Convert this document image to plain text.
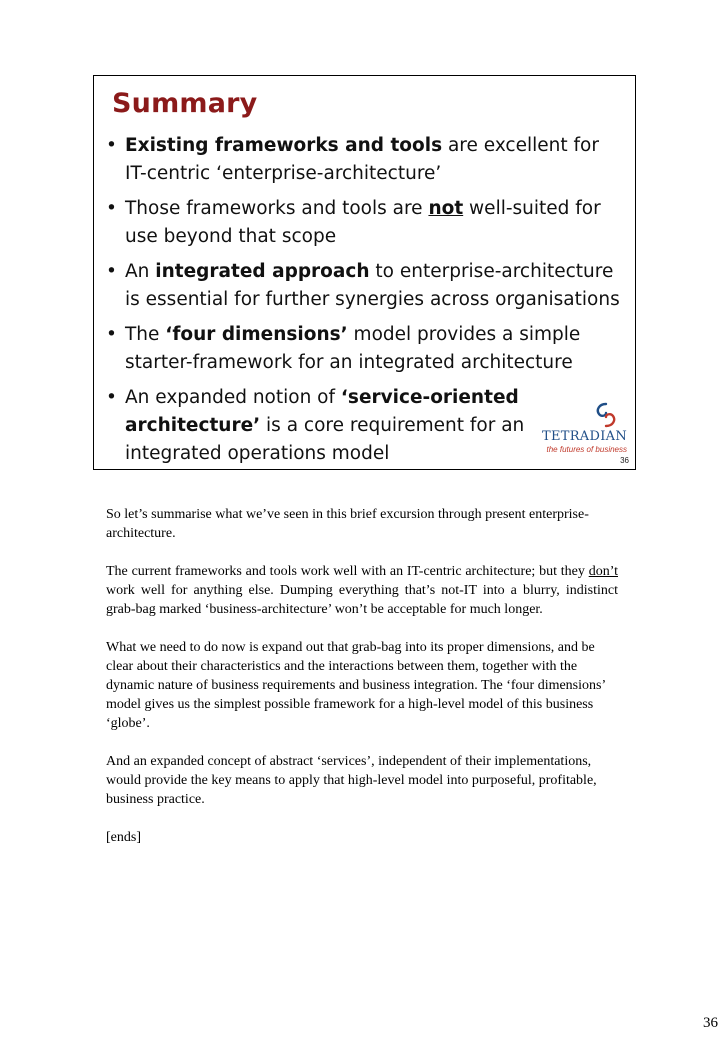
Summary
• Existing frameworks and tools are excellent for IT-centric ‘enterprise-architecture’
• Those frameworks and tools are not well-suited for use beyond that scope
• An integrated approach to enterprise-architecture is essential for further synergies across organisations
• The ‘four dimensions’ model provides a simple starter-framework for an integrated architecture
• An expanded notion of ‘service-oriented architecture’ is a core requirement for an integrated operations model
TETRADIAN
the futures of business
36

So let’s summarise what we’ve seen in this brief excursion through present enterprise-architecture.

The current frameworks and tools work well with an IT-centric architecture; but they don’t work well for anything else. Dumping everything that’s not-IT into a blurry, indistinct grab-bag marked ‘business-architecture’ won’t be acceptable for much longer.

What we need to do now is expand out that grab-bag into its proper dimensions, and be clear about their characteristics and the interactions between them, together with the dynamic nature of business requirements and business integration. The ‘four dimensions’ model gives us the simplest possible framework for a high-level model of this business ‘globe’.

And an expanded concept of abstract ‘services’, independent of their implementations, would provide the key means to apply that high-level model into purposeful, profitable, business practice.

[ends]

36
